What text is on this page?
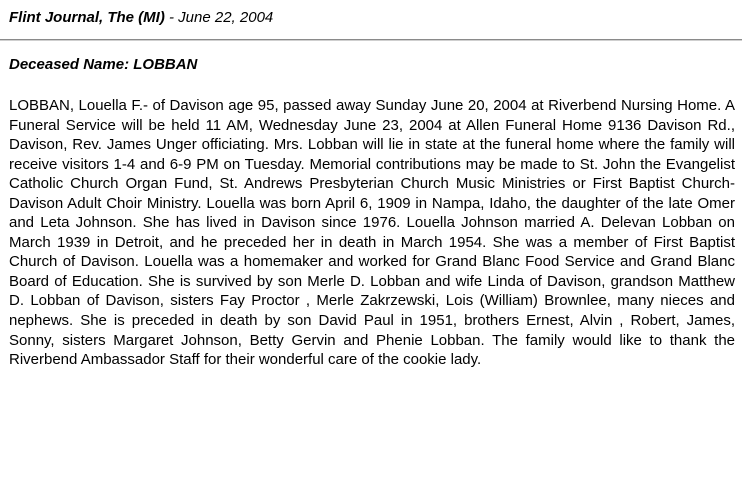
Flint Journal, The (MI) - June 22, 2004
Deceased Name: LOBBAN

LOBBAN, Louella F.- of Davison age 95, passed away Sunday June 20, 2004 at Riverbend Nursing Home. A Funeral Service will be held 11 AM, Wednesday June 23, 2004 at Allen Funeral Home 9136 Davison Rd., Davison, Rev. James Unger officiating. Mrs. Lobban will lie in state at the funeral home where the family will receive visitors 1-4 and 6-9 PM on Tuesday. Memorial contributions may be made to St. John the Evangelist Catholic Church Organ Fund, St. Andrews Presbyterian Church Music Ministries or First Baptist Church- Davison Adult Choir Ministry. Louella was born April 6, 1909 in Nampa, Idaho, the daughter of the late Omer and Leta Johnson. She has lived in Davison since 1976. Louella Johnson married A. Delevan Lobban on March 1939 in Detroit, and he preceded her in death in March 1954. She was a member of First Baptist Church of Davison. Louella was a homemaker and worked for Grand Blanc Food Service and Grand Blanc Board of Education. She is survived by son Merle D. Lobban and wife Linda of Davison, grandson Matthew D. Lobban of Davison, sisters Fay Proctor , Merle Zakrzewski, Lois (William) Brownlee, many nieces and nephews. She is preceded in death by son David Paul in 1951, brothers Ernest, Alvin , Robert, James, Sonny, sisters Margaret Johnson, Betty Gervin and Phenie Lobban. The family would like to thank the Riverbend Ambassador Staff for their wonderful care of the cookie lady.
